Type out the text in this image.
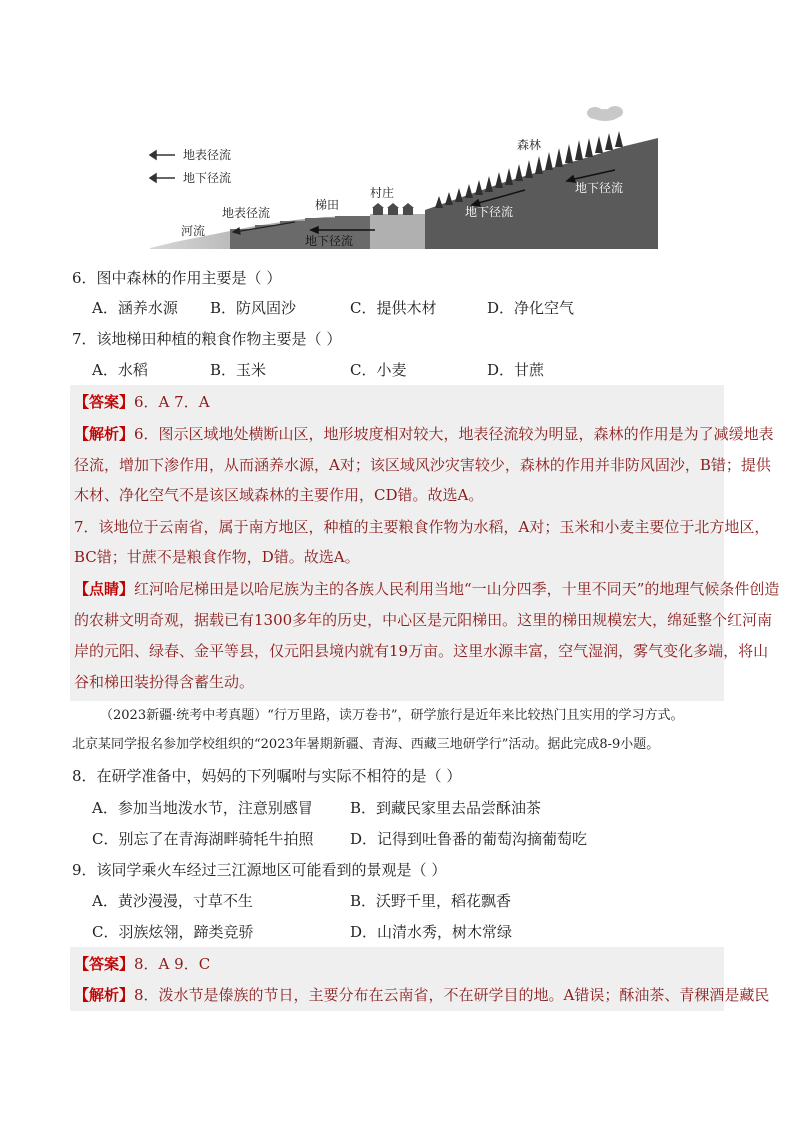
地表径流
地下径流
森林
梯田
村庄
河流
地表径流
地下径流
地下径流
地下径流
6．图中森林的作用主要是（ ）
A．涵养水源 B．防风固沙	C．提供木材	D．净化空气
7．该地梯田种植的粮食作物主要是（ ）
A．水稻	B．玉米	C．小麦	D．甘蔗
【答案】6．A 7．A
【解析】6．图示区域地处横断山区，地形坡度相对较大，地表径流较为明显，森林的作用是为了减缓地表
径流，增加下渗作用，从而涵养水源，A对；该区域风沙灾害较少，森林的作用并非防风固沙，B错；提供
木材、净化空气不是该区域森林的主要作用，CD错。故选A。
7．该地位于云南省，属于南方地区，种植的主要粮食作物为水稻，A对；玉米和小麦主要位于北方地区，
BC错；甘蔗不是粮食作物，D错。故选A。
【点睛】红河哈尼梯田是以哈尼族为主的各族人民利用当地“一山分四季，十里不同天”的地理气候条件创造
的农耕文明奇观，据载已有1300多年的历史，中心区是元阳梯田。这里的梯田规模宏大，绵延整个红河南
岸的元阳、绿春、金平等县，仅元阳县境内就有19万亩。这里水源丰富，空气湿润，雾气变化多端，将山
谷和梯田装扮得含蓄生动。
（2023新疆·统考中考真题）“行万里路，读万卷书”，研学旅行是近年来比较热门且实用的学习方式。
北京某同学报名参加学校组织的“2023年暑期新疆、青海、西藏三地研学行”活动。据此完成8-9小题。
8．在研学准备中，妈妈的下列嘱咐与实际不相符的是（ ）
A．参加当地泼水节，注意别感冒 B．到藏民家里去品尝酥油茶
C．别忘了在青海湖畔骑牦牛拍照 D．记得到吐鲁番的葡萄沟摘葡萄吃
9．该同学乘火车经过三江源地区可能看到的景观是（ ）
A．黄沙漫漫，寸草不生	B．沃野千里，稻花飘香
C．羽族炫翎，蹄类竞骄	D．山清水秀，树木常绿
【答案】8．A 9．C
【解析】8．泼水节是傣族的节日，主要分布在云南省，不在研学目的地。A错误；酥油茶、青稞酒是藏民
